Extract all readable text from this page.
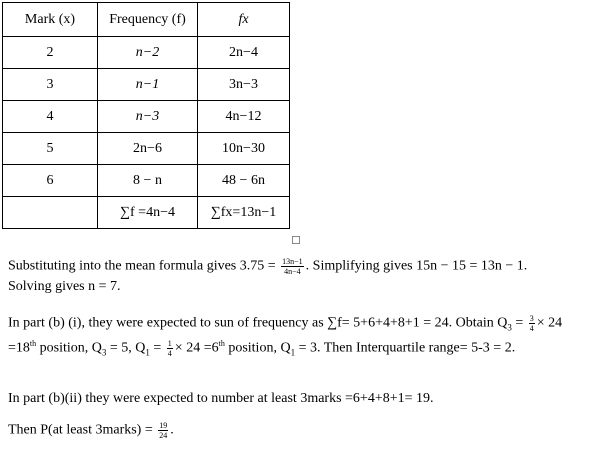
Mark (x)	Frequency (f)	fx
2	n−2	2n−4
3	n−1	3n−3
4	n−3	4n−12
5	2n−6	10n−30
6	8 − n	48 − 6n
	∑f =4n−4	∑fx=13n−1
Substituting into the mean formula gives $3.75 = \frac{13n-1}{4n-4}$ . Simplifying gives 15n − 15 = 13n − 1.
Solving gives n = 7.
In part (b) (i), they were expected to sun of frequency as ∑f= 5+6+4+8+1 = 24. Obtain $Q_3 = \frac{3}{4} \times 24$
=18th position, $Q_3 = 5$, $Q_1 = \frac{1}{4} \times 24 =6th$ position, $Q_1 = 3$. Then Interquartile range= 5-3 = 2.
In part (b)(ii) they were expected to number at least 3marks =6+4+8+1= 19.
Then P(at least 3marks) = $\frac{19}{24}$ .
